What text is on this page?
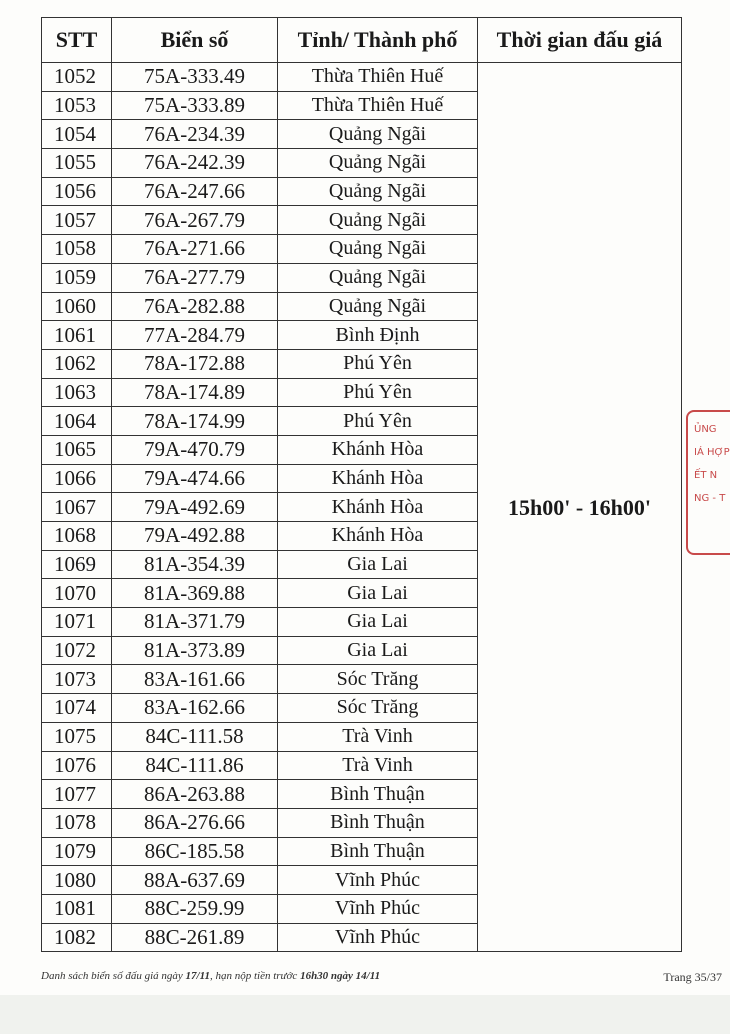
STT	Biển số	Tỉnh/ Thành phố	Thời gian đấu giá
1052	75A-333.49	Thừa Thiên Huế	15h00' - 16h00'
1053	75A-333.89	Thừa Thiên Huế	
1054	76A-234.39	Quảng Ngãi	
1055	76A-242.39	Quảng Ngãi	
1056	76A-247.66	Quảng Ngãi	
1057	76A-267.79	Quảng Ngãi	
1058	76A-271.66	Quảng Ngãi	
1059	76A-277.79	Quảng Ngãi	
1060	76A-282.88	Quảng Ngãi	
1061	77A-284.79	Bình Định	
1062	78A-172.88	Phú Yên	
1063	78A-174.89	Phú Yên	
1064	78A-174.99	Phú Yên	
1065	79A-470.79	Khánh Hòa	
1066	79A-474.66	Khánh Hòa	
1067	79A-492.69	Khánh Hòa	
1068	79A-492.88	Khánh Hòa	
1069	81A-354.39	Gia Lai	
1070	81A-369.88	Gia Lai	
1071	81A-371.79	Gia Lai	
1072	81A-373.89	Gia Lai	
1073	83A-161.66	Sóc Trăng	
1074	83A-162.66	Sóc Trăng	
1075	84C-111.58	Trà Vinh	
1076	84C-111.86	Trà Vinh	
1077	86A-263.88	Bình Thuận	
1078	86A-276.66	Bình Thuận	
1079	86C-185.58	Bình Thuận	
1080	88A-637.69	Vĩnh Phúc	
1081	88C-259.99	Vĩnh Phúc	
1082	88C-261.89	Vĩnh Phúc	
ỦNG
IÁ HỢP
ẾT N
NG - T
Danh sách biển số đấu giá ngày 17/11, hạn nộp tiền trước 16h30 ngày 14/11	Trang 35/37
